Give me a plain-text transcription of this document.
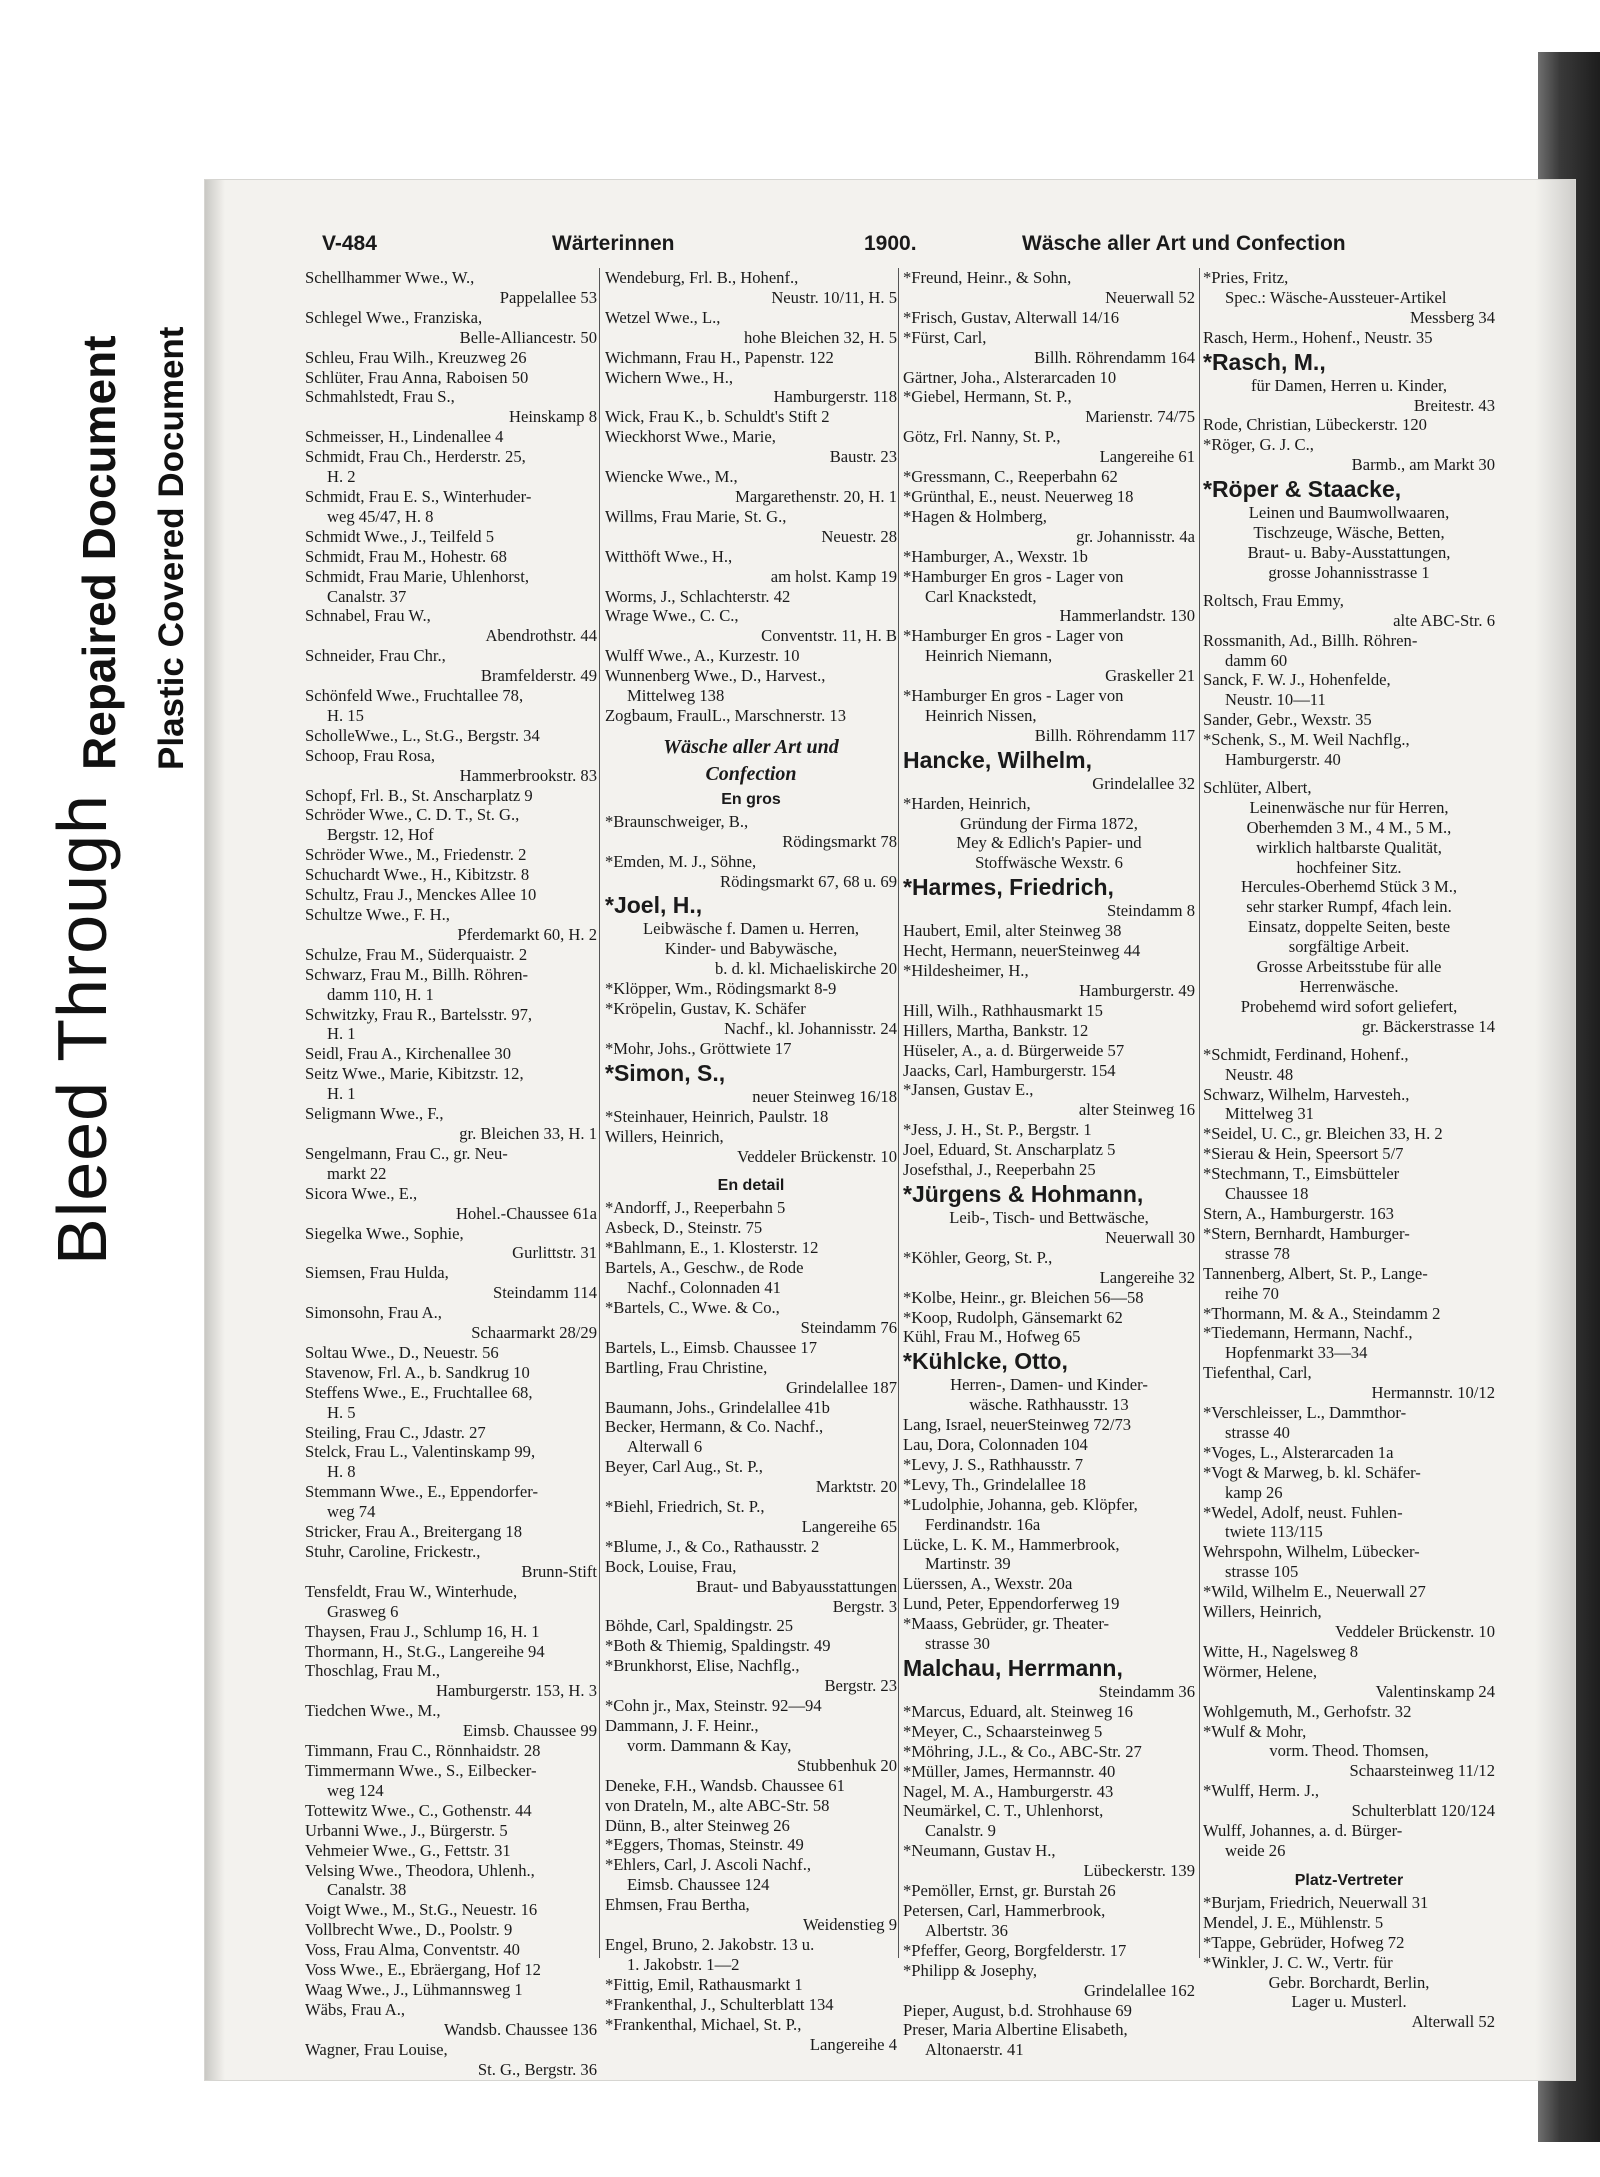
Bleed Through
Repaired Document Plastic Covered Document
V-484	Wärterinnen	1900.	Wäsche aller Art und Confection
Schellhammer Wwe., W.,
Pappelallee 53
Schlegel Wwe., Franziska,
Belle-Alliancestr. 50
Schleu, Frau Wilh., Kreuzweg 26
Schlüter, Frau Anna, Raboisen 50
Schmahlstedt, Frau S.,
Heinskamp 8
Schmeisser, H., Lindenallee 4
Schmidt, Frau Ch., Herderstr. 25,
H. 2
Schmidt, Frau E. S., Winterhuder-
weg 45/47, H. 8
Schmidt Wwe., J., Teilfeld 5
Schmidt, Frau M., Hohestr. 68
Schmidt, Frau Marie, Uhlenhorst,
Canalstr. 37
Schnabel, Frau W.,
Abendrothstr. 44
Schneider, Frau Chr.,
Bramfelderstr. 49
Schönfeld Wwe., Fruchtallee 78,
H. 15
ScholleWwe., L., St.G., Bergstr. 34
Schoop, Frau Rosa,
Hammerbrookstr. 83
Schopf, Frl. B., St. Anscharplatz 9
Schröder Wwe., C. D. T., St. G.,
Bergstr. 12, Hof
Schröder Wwe., M., Friedenstr. 2
Schuchardt Wwe., H., Kibitzstr. 8
Schultz, Frau J., Menckes Allee 10
Schultze Wwe., F. H.,
Pferdemarkt 60, H. 2
Schulze, Frau M., Süderquaistr. 2
Schwarz, Frau M., Billh. Röhren-
damm 110, H. 1
Schwitzky, Frau R., Bartelsstr. 97,
H. 1
Seidl, Frau A., Kirchenallee 30
Seitz Wwe., Marie, Kibitzstr. 12,
H. 1
Seligmann Wwe., F.,
gr. Bleichen 33, H. 1
Sengelmann, Frau C., gr. Neu-
markt 22
Sicora Wwe., E.,
Hohel.-Chaussee 61a
Siegelka Wwe., Sophie,
Gurlittstr. 31
Siemsen, Frau Hulda,
Steindamm 114
Simonsohn, Frau A.,
Schaarmarkt 28/29
Soltau Wwe., D., Neuestr. 56
Stavenow, Frl. A., b. Sandkrug 10
Steffens Wwe., E., Fruchtallee 68,
H. 5
Steiling, Frau C., Jdastr. 27
Stelck, Frau L., Valentinskamp 99,
H. 8
Stemmann Wwe., E., Eppendorfer-
weg 74
Stricker, Frau A., Breitergang 18
Stuhr, Caroline, Frickestr.,
Brunn-Stift
Tensfeldt, Frau W., Winterhude,
Grasweg 6
Thaysen, Frau J., Schlump 16, H. 1
Thormann, H., St.G., Langereihe 94
Thoschlag, Frau M.,
Hamburgerstr. 153, H. 3
Tiedchen Wwe., M.,
Eimsb. Chaussee 99
Timmann, Frau C., Rönnhaidstr. 28
Timmermann Wwe., S., Eilbecker-
weg 124
Tottewitz Wwe., C., Gothenstr. 44
Urbanni Wwe., J., Bürgerstr. 5
Vehmeier Wwe., G., Fettstr. 31
Velsing Wwe., Theodora, Uhlenh.,
Canalstr. 38
Voigt Wwe., M., St.G., Neuestr. 16
Vollbrecht Wwe., D., Poolstr. 9
Voss, Frau Alma, Conventstr. 40
Voss Wwe., E., Ebräergang, Hof 12
Waag Wwe., J., Lühmannsweg 1
Wäbs, Frau A.,
Wandsb. Chaussee 136
Wagner, Frau Louise,
St. G., Bergstr. 36
Wendeburg, Frl. B., Hohenf.,
Neustr. 10/11, H. 5
Wetzel Wwe., L.,
hohe Bleichen 32, H. 5
Wichmann, Frau H., Papenstr. 122
Wichern Wwe., H.,
Hamburgerstr. 118
Wick, Frau K., b. Schuldt's Stift 2
Wieckhorst Wwe., Marie,
Baustr. 23
Wiencke Wwe., M.,
Margarethenstr. 20, H. 1
Willms, Frau Marie, St. G.,
Neuestr. 28
Witthöft Wwe., H.,
am holst. Kamp 19
Worms, J., Schlachterstr. 42
Wrage Wwe., C. C.,
Conventstr. 11, H. B
Wulff Wwe., A., Kurzestr. 10
Wunnenberg Wwe., D., Harvest.,
Mittelweg 138
Zogbaum, FraulL., Marschnerstr. 13
Wäsche aller Art und
Confection
En gros
*Braunschweiger, B.,
Rödingsmarkt 78
*Emden, M. J., Söhne,
Rödingsmarkt 67, 68 u. 69
*Joel, H.,
Leibwäsche f. Damen u. Herren,
Kinder- und Babywäsche,
b. d. kl. Michaeliskirche 20
*Klöpper, Wm., Rödingsmarkt 8-9
*Kröpelin, Gustav, K. Schäfer
Nachf., kl. Johannisstr. 24
*Mohr, Johs., Gröttwiete 17
*Simon, S.,
neuer Steinweg 16/18
*Steinhauer, Heinrich, Paulstr. 18
Willers, Heinrich,
Veddeler Brückenstr. 10
En detail
*Andorff, J., Reeperbahn 5
Asbeck, D., Steinstr. 75
*Bahlmann, E., 1. Klosterstr. 12
Bartels, A., Geschw., de Rode
Nachf., Colonnaden 41
*Bartels, C., Wwe. & Co.,
Steindamm 76
Bartels, L., Eimsb. Chaussee 17
Bartling, Frau Christine,
Grindelallee 187
Baumann, Johs., Grindelallee 41b
Becker, Hermann, & Co. Nachf.,
Alterwall 6
Beyer, Carl Aug., St. P.,
Marktstr. 20
*Biehl, Friedrich, St. P.,
Langereihe 65
*Blume, J., & Co., Rathausstr. 2
Bock, Louise, Frau,
Braut- und Babyausstattungen
Bergstr. 3
Böhde, Carl, Spaldingstr. 25
*Both & Thiemig, Spaldingstr. 49
*Brunkhorst, Elise, Nachflg.,
Bergstr. 23
*Cohn jr., Max, Steinstr. 92—94
Dammann, J. F. Heinr.,
vorm. Dammann & Kay,
Stubbenhuk 20
Deneke, F.H., Wandsb. Chaussee 61
von Drateln, M., alte ABC-Str. 58
Dünn, B., alter Steinweg 26
*Eggers, Thomas, Steinstr. 49
*Ehlers, Carl, J. Ascoli Nachf.,
Eimsb. Chaussee 124
Ehmsen, Frau Bertha,
Weidenstieg 9
Engel, Bruno, 2. Jakobstr. 13 u.
1. Jakobstr. 1—2
*Fittig, Emil, Rathausmarkt 1
*Frankenthal, J., Schulterblatt 134
*Frankenthal, Michael, St. P.,
Langereihe 4
*Freund, Heinr., & Sohn,
Neuerwall 52
*Frisch, Gustav, Alterwall 14/16
*Fürst, Carl,
Billh. Röhrendamm 164
Gärtner, Joha., Alsterarcaden 10
*Giebel, Hermann, St. P.,
Marienstr. 74/75
Götz, Frl. Nanny, St. P.,
Langereihe 61
*Gressmann, C., Reeperbahn 62
*Grünthal, E., neust. Neuerweg 18
*Hagen & Holmberg,
gr. Johannisstr. 4a
*Hamburger, A., Wexstr. 1b
*Hamburger En gros - Lager von
Carl Knackstedt,
Hammerlandstr. 130
*Hamburger En gros - Lager von
Heinrich Niemann,
Graskeller 21
*Hamburger En gros - Lager von
Heinrich Nissen,
Billh. Röhrendamm 117
Hancke, Wilhelm,
Grindelallee 32
*Harden, Heinrich,
Gründung der Firma 1872,
Mey & Edlich's Papier- und
Stoffwäsche Wexstr. 6
*Harmes, Friedrich,
Steindamm 8
Haubert, Emil, alter Steinweg 38
Hecht, Hermann, neuerSteinweg 44
*Hildesheimer, H.,
Hamburgerstr. 49
Hill, Wilh., Rathhausmarkt 15
Hillers, Martha, Bankstr. 12
Hüseler, A., a. d. Bürgerweide 57
Jaacks, Carl, Hamburgerstr. 154
*Jansen, Gustav E.,
alter Steinweg 16
*Jess, J. H., St. P., Bergstr. 1
Joel, Eduard, St. Anscharplatz 5
Josefsthal, J., Reeperbahn 25
*Jürgens & Hohmann,
Leib-, Tisch- und Bettwäsche,
Neuerwall 30
*Köhler, Georg, St. P.,
Langereihe 32
*Kolbe, Heinr., gr. Bleichen 56—58
*Koop, Rudolph, Gänsemarkt 62
Kühl, Frau M., Hofweg 65
*Kühlcke, Otto,
Herren-, Damen- und Kinder-
wäsche. Rathhausstr. 13
Lang, Israel, neuerSteinweg 72/73
Lau, Dora, Colonnaden 104
*Levy, J. S., Rathhausstr. 7
*Levy, Th., Grindelallee 18
*Ludolphie, Johanna, geb. Klöpfer,
Ferdinandstr. 16a
Lücke, L. K. M., Hammerbrook,
Martinstr. 39
Lüerssen, A., Wexstr. 20a
Lund, Peter, Eppendorferweg 19
*Maass, Gebrüder, gr. Theater-
strasse 30
Malchau, Herrmann,
Steindamm 36
*Marcus, Eduard, alt. Steinweg 16
*Meyer, C., Schaarsteinweg 5
*Möhring, J.L., & Co., ABC-Str. 27
*Müller, James, Hermannstr. 40
Nagel, M. A., Hamburgerstr. 43
Neumärkel, C. T., Uhlenhorst,
Canalstr. 9
*Neumann, Gustav H.,
Lübeckerstr. 139
*Pemöller, Ernst, gr. Burstah 26
Petersen, Carl, Hammerbrook,
Albertstr. 36
*Pfeffer, Georg, Borgfelderstr. 17
*Philipp & Josephy,
Grindelallee 162
Pieper, August, b.d. Strohhause 69
Preser, Maria Albertine Elisabeth,
Altonaerstr. 41
*Pries, Fritz,
Spec.: Wäsche-Aussteuer-Artikel
Messberg 34
Rasch, Herm., Hohenf., Neustr. 35
*Rasch, M.,
für Damen, Herren u. Kinder,
Breitestr. 43
Rode, Christian, Lübeckerstr. 120
*Röger, G. J. C.,
Barmb., am Markt 30
*Röper & Staacke,
Leinen und Baumwollwaaren,
Tischzeuge, Wäsche, Betten,
Braut- u. Baby-Ausstattungen,
grosse Johannisstrasse 1
Roltsch, Frau Emmy,
alte ABC-Str. 6
Rossmanith, Ad., Billh. Röhren-
damm 60
Sanck, F. W. J., Hohenfelde,
Neustr. 10—11
Sander, Gebr., Wexstr. 35
*Schenk, S., M. Weil Nachflg.,
Hamburgerstr. 40
Schlüter, Albert,
Leinenwäsche nur für Herren,
Oberhemden 3 M., 4 M., 5 M.,
wirklich haltbarste Qualität,
hochfeiner Sitz.
Hercules-Oberhemd Stück 3 M.,
sehr starker Rumpf, 4fach lein.
Einsatz, doppelte Seiten, beste
sorgfältige Arbeit.
Grosse Arbeitsstube für alle
Herrenwäsche.
Probehemd wird sofort geliefert,
gr. Bäckerstrasse 14
*Schmidt, Ferdinand, Hohenf.,
Neustr. 48
Schwarz, Wilhelm, Harvesteh.,
Mittelweg 31
*Seidel, U. C., gr. Bleichen 33, H. 2
*Sierau & Hein, Speersort 5/7
*Stechmann, T., Eimsbütteler
Chaussee 18
Stern, A., Hamburgerstr. 163
*Stern, Bernhardt, Hamburger-
strasse 78
Tannenberg, Albert, St. P., Lange-
reihe 70
*Thormann, M. & A., Steindamm 2
*Tiedemann, Hermann, Nachf.,
Hopfenmarkt 33—34
Tiefenthal, Carl,
Hermannstr. 10/12
*Verschleisser, L., Dammthor-
strasse 40
*Voges, L., Alsterarcaden 1a
*Vogt & Marweg, b. kl. Schäfer-
kamp 26
*Wedel, Adolf, neust. Fuhlen-
twiete 113/115
Wehrspohn, Wilhelm, Lübecker-
strasse 105
*Wild, Wilhelm E., Neuerwall 27
Willers, Heinrich,
Veddeler Brückenstr. 10
Witte, H., Nagelsweg 8
Wörmer, Helene,
Valentinskamp 24
Wohlgemuth, M., Gerhofstr. 32
*Wulf & Mohr,
vorm. Theod. Thomsen,
Schaarsteinweg 11/12
*Wulff, Herm. J.,
Schulterblatt 120/124
Wulff, Johannes, a. d. Bürger-
weide 26
Platz-Vertreter
*Burjam, Friedrich, Neuerwall 31
Mendel, J. E., Mühlenstr. 5
*Tappe, Gebrüder, Hofweg 72
*Winkler, J. C. W., Vertr. für
Gebr. Borchardt, Berlin,
Lager u. Musterl.
Alterwall 52
